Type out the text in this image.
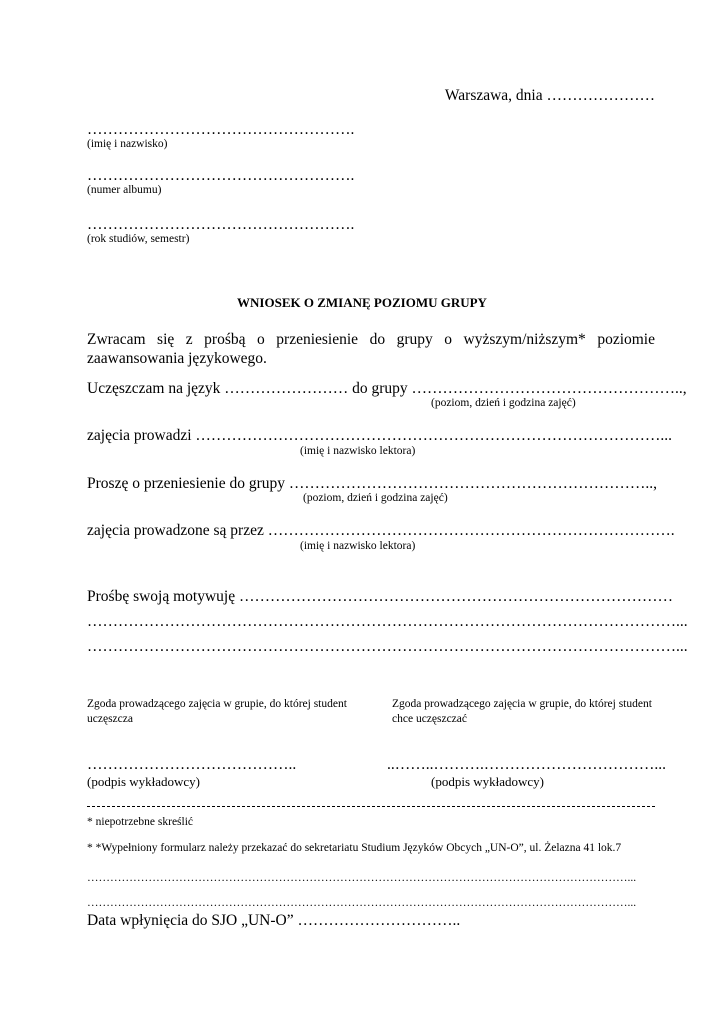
Warszawa, dnia …………………
…………………………………………….
(imię i nazwisko)
…………………………………………….
(numer albumu)
…………………………………………….
(rok studiów, semestr)
WNIOSEK O ZMIANĘ POZIOMU GRUPY
Zwracam się z prośbą o przeniesienie do grupy o wyższym/niższym* poziomie zaawansowania językowego.
Uczęszczam na język …………………… do grupy ……………………………………………..,
(poziom, dzień i godzina zajęć)
zajęcia prowadzi ………………………………………………………………………………...
(imię i nazwisko lektora)
Proszę o przeniesienie do grupy ……………………………………………………………..,
(poziom, dzień i godzina zajęć)
zajęcia prowadzone są przez …………………………………………………………………….
(imię i nazwisko lektora)
Prośbę swoją motywuję …………………………………………………………………………
……………………………………………………………………………………………………...
……………………………………………………………………………………………………...
Zgoda prowadzącego zajęcia w grupie, do której student uczęszcza
Zgoda prowadzącego zajęcia w grupie, do której student chce uczęszczać
…………………………………..	..……..……….……………………………...
(podpis wykładowcy)	(podpis wykładowcy)
* niepotrzebne skreślić
* *Wypełniony formularz należy przekazać do sekretariatu Studium Języków Obcych „UN-O”, ul. Żelazna 41 lok.7
……………………………………………………………………………………………………………………………...
……………………………………………………………………………………………………………………………...
Data wpłynięcia do SJO „UN-O” …………………………..
